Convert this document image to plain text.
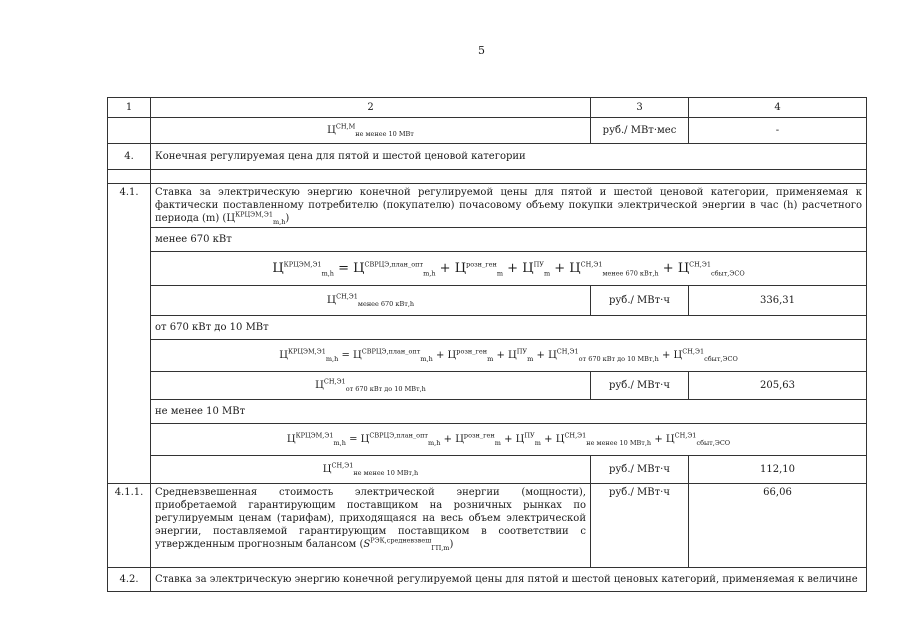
5
1	2	3	4
	$Ц^{СН,М}_{не менее 10 МВт}$	руб./ МВт·мес	-
4.	Конечная регулируемая цена для пятой и шестой ценовой категории		

4.1.	Ставка за электрическую энергию конечной регулируемой цены для пятой и шестой ценовой категории, применяемая к фактически поставленному потребителю (покупателю) почасовому объему покупки электрической энергии в час (h) расчетного периода (m) $(Ц^{КРЦЭМ,Э1}_{m,h})$		
	менее 670 кВт		
	$Ц^{КРЦЭМ,Э1}_{m,h} = Ц^{СВРЦЭ,план\_опт}_{m,h} + Ц^{розн\_ген}_m + Ц^{ПУ}_m + Ц^{СН,Э1}_{менее 670 кВт,h} + Ц^{СН,Э1}_{сбыт,ЭСО}$
	$Ц^{СН,Э1}_{менее 670 кВт,h}$	руб./ МВт·ч	336,31
	от 670 кВт до 10 МВт		
	$Ц^{КРЦЭМ,Э1}_{m,h} = Ц^{СВРЦЭ,план\_опт}_{m,h} + Ц^{розн\_ген}_m + Ц^{ПУ}_m + Ц^{СН,Э1}_{от 670 кВт до 10 МВт,h} + Ц^{СН,Э1}_{сбыт,ЭСО}$
	$Ц^{СН,Э1}_{от 670 кВт до 10 МВт,h}$	руб./ МВт·ч	205,63
	не менее 10 МВт		
	$Ц^{КРЦЭМ,Э1}_{m,h} = Ц^{СВРЦЭ,план\_опт}_{m,h} + Ц^{розн\_ген}_m + Ц^{ПУ}_m + Ц^{СН,Э1}_{не менее 10 МВт,h} + Ц^{СН,Э1}_{сбыт,ЭСО}$
	$Ц^{СН,Э1}_{не менее 10 МВт,h}$	руб./ МВт·ч	112,10
4.1.1.	Средневзвешенная стоимость электрической энергии (мощности), приобретаемой гарантирующим поставщиком на розничных рынках по регулируемым ценам (тарифам), приходящаяся на весь объем электрической энергии, поставляемой гарантирующим поставщиком в соответствии с утвержденным прогнозным балансом $(S^{РЭК,средневзвеш}_{ГП,m})$	руб./ МВт·ч	66,06
4.2.	Ставка за электрическую энергию конечной регулируемой цены для пятой и шестой ценовых категорий, применяемая к величине		
